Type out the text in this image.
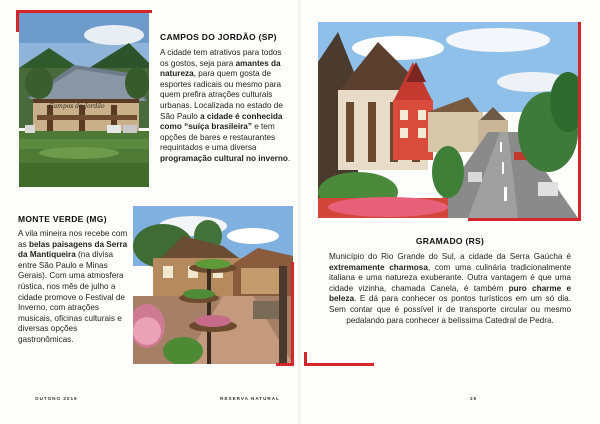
Campos do Jordão
CAMPOS DO JORDÃO (SP)
A cidade tem atrativos para todos os gostos, seja para amantes da natureza, para quem gosta de esportes radicais ou mesmo para quem prefira atrações culturais urbanas. Localizada no estado de São Paulo a cidade é conhecida como “suíça brasileira” e tem opções de bares e restaurantes requintados e uma diversa programação cultural no inverno.
MONTE VERDE (MG)
A vila mineira nos recebe com as belas paisagens da Serra da Mantiqueira (na divisa entre São Paulo e Minas Gerais). Com uma atmosfera rústica, nos mês de julho a cidade promove o Festival de Inverno, com atrações musicais, oficinas culturais e diversas opções gastronômicas.
OUTONO 2019
GRAMADO (RS)
Município do Rio Grande do Sul, a cidade da Serra Gaúcha é extremamente charmosa, com uma culinária tradicionalmente italiana e uma natureza exuberante. Outra vantagem é que uma cidade vizinha, chamada Canela, é também puro charme e beleza. E dá para conhecer os pontos turísticos em um só dia. Sem contar que é possível ir de transporte circular ou mesmo pedalando para conhecer a belíssima Catedral de Pedra.
RESERVA NATURAL	29
